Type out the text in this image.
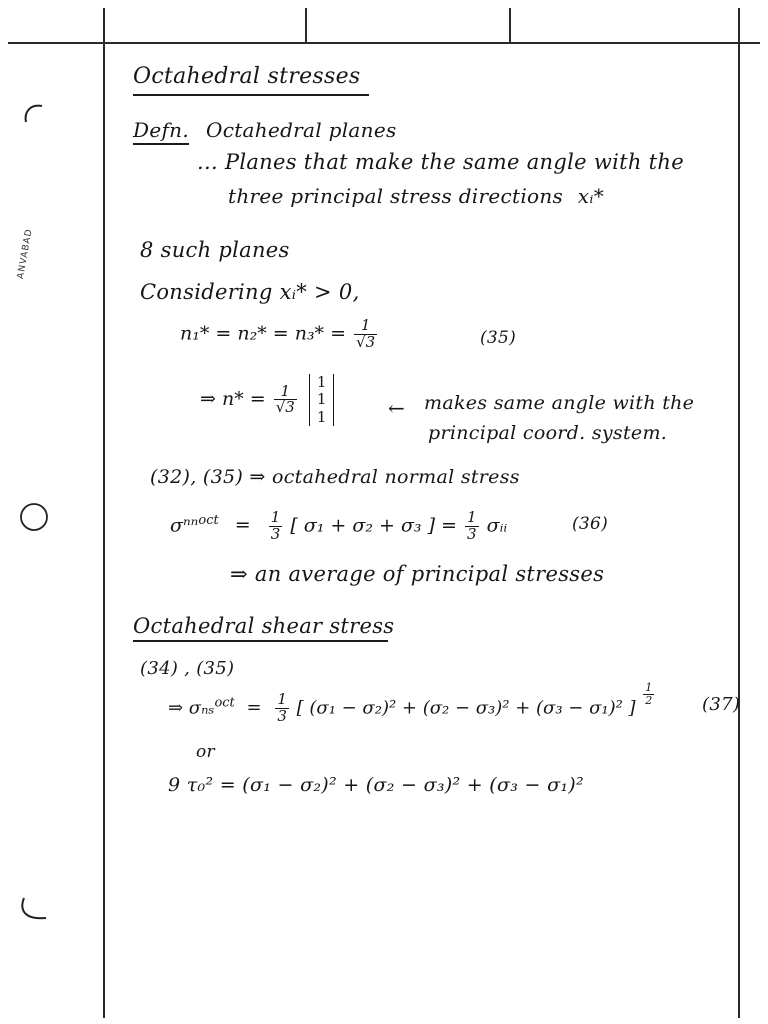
ANVABAD
Octahedral stresses
Defn. Octahedral planes
... Planes that make the same angle with the
three principal stress directions xᵢ*
8 such planes
Considering xᵢ* > 0,
$n_1* = n_2* = n_3* = \frac{1}{√3}$	(35)
⇒ $n* = \frac{1}{√3}$

1
1
1	← makes same angle with the
principal coord. system.
(32), (35) ⇒ octahedral normal stress
$\sigma^{nn}^{oct} = \frac{1}{3}$ [ σ₁ + σ₂ + σ₃ ] = $\frac{1}{3}$ σᵢᵢ	(36)
⇒ an average of principal stresses
Octahedral shear stress
(34) , (35)
⇒ $\sigma_{ns}^{oct} = \frac{1}{3}$ [ (σ₁ − σ₂)² + (σ₂ − σ₃)² + (σ₃ − σ₁)² ]
$\frac{1}{2}$	(37)
or
9 τ₀² = (σ₁ − σ₂)² + (σ₂ − σ₃)² + (σ₃ − σ₁)²
